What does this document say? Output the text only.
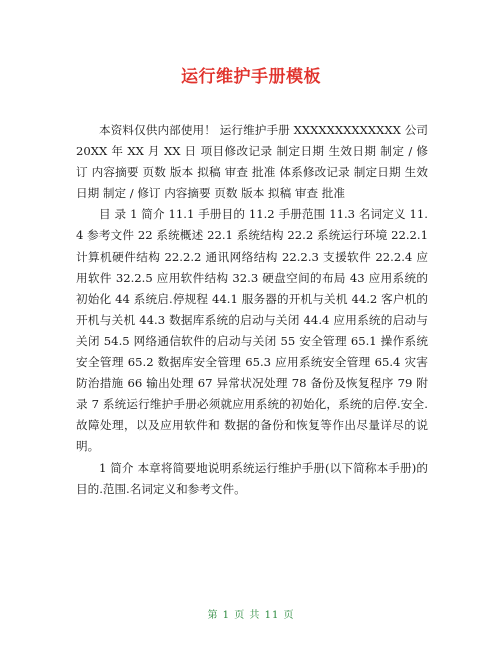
运行维护手册模板

本资料仅供内部使用！ 运行维护手册 XXXXXXXXXXXXX 公司 20XX 年 XX 月 XX 日 项目修改记录 制定日期 生效日期 制定 / 修订 内容摘要 页数 版本 拟稿 审查 批准 体系修改记录 制定日期 生效日期 制定 / 修订 内容摘要 页数 版本 拟稿 审查 批准

目 录 1 简介 11.1 手册目的 11.2 手册范围 11.3 名词定义 11.4 参考文件 22 系统概述 22.1 系统结构 22.2 系统运行环境 22.2.1 计算机硬件结构 22.2.2 通讯网络结构 22.2.3 支援软件 22.2.4 应用软件 32.2.5 应用软件结构 32.3 硬盘空间的布局 43 应用系统的初始化 44 系统启.停规程 44.1 服务器的开机与关机 44.2 客户机的开机与关机 44.3 数据库系统的启动与关闭 44.4 应用系统的启动与关闭 54.5 网络通信软件的启动与关闭 55 安全管理 65.1 操作系统安全管理 65.2 数据库安全管理 65.3 应用系统安全管理 65.4 灾害防治措施 66 输出处理 67 异常状况处理 78 备份及恢复程序 79 附录 7 系统运行维护手册必须就应用系统的初始化，系统的启停.安全.故障处理，以及应用软件和 数据的备份和恢复等作出尽量详尽的说明。

1 简介 本章将简要地说明系统运行维护手册(以下简称本手册)的目的.范围.名词定义和参考文件。

第 1 页 共 11 页
